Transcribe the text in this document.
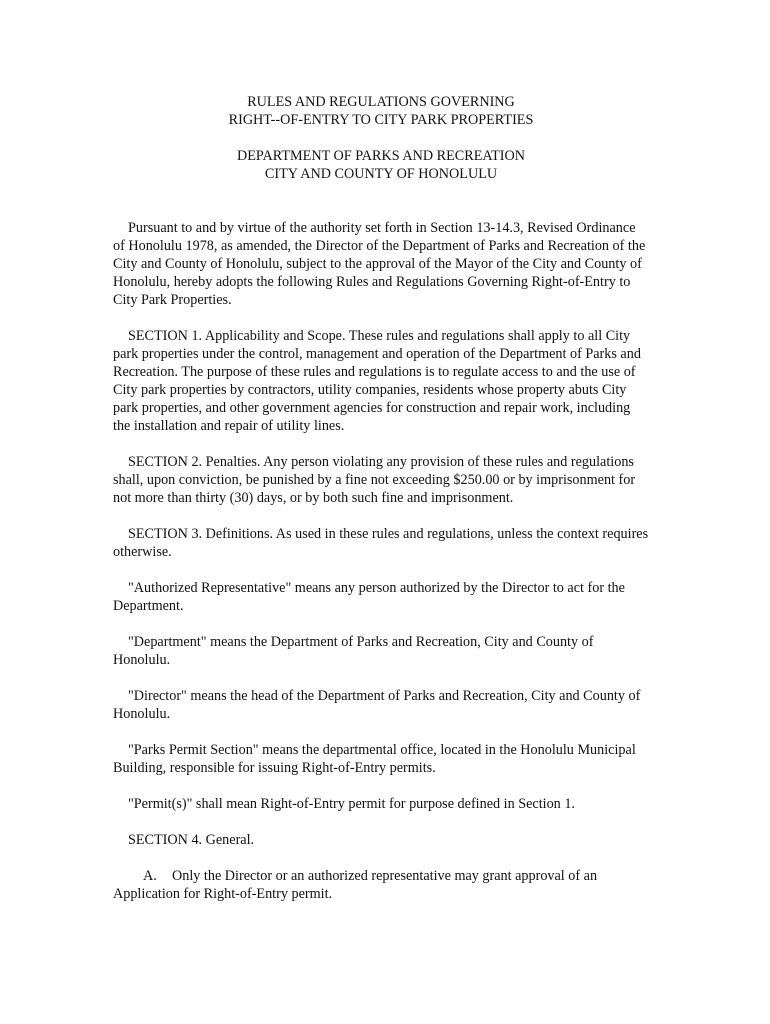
RULES AND REGULATIONS GOVERNING
RIGHT--OF-ENTRY TO CITY PARK PROPERTIES
DEPARTMENT OF PARKS AND RECREATION
CITY AND COUNTY OF HONOLULU

Pursuant to and by virtue of the authority set forth in Section 13-14.3, Revised Ordinance of Honolulu 1978, as amended, the Director of the Department of Parks and Recreation of the City and County of Honolulu, subject to the approval of the Mayor of the City and County of Honolulu, hereby adopts the following Rules and Regulations Governing Right-of-Entry to City Park Properties.

SECTION 1. Applicability and Scope. These rules and regulations shall apply to all City park properties under the control, management and operation of the Department of Parks and Recreation. The purpose of these rules and regulations is to regulate access to and the use of City park properties by contractors, utility companies, residents whose property abuts City park properties, and other government agencies for construction and repair work, including the installation and repair of utility lines.

SECTION 2. Penalties. Any person violating any provision of these rules and regulations shall, upon conviction, be punished by a fine not exceeding $250.00 or by imprisonment for not more than thirty (30) days, or by both such fine and imprisonment.

SECTION 3. Definitions. As used in these rules and regulations, unless the context requires otherwise.

"Authorized Representative" means any person authorized by the Director to act for the Department.

"Department" means the Department of Parks and Recreation, City and County of Honolulu.

"Director" means the head of the Department of Parks and Recreation, City and County of Honolulu.

"Parks Permit Section" means the departmental office, located in the Honolulu Municipal Building, responsible for issuing Right-of-Entry permits.

"Permit(s)" shall mean Right-of-Entry permit for purpose defined in Section 1.

SECTION 4. General.

A. Only the Director or an authorized representative may grant approval of an Application for Right-of-Entry permit.
